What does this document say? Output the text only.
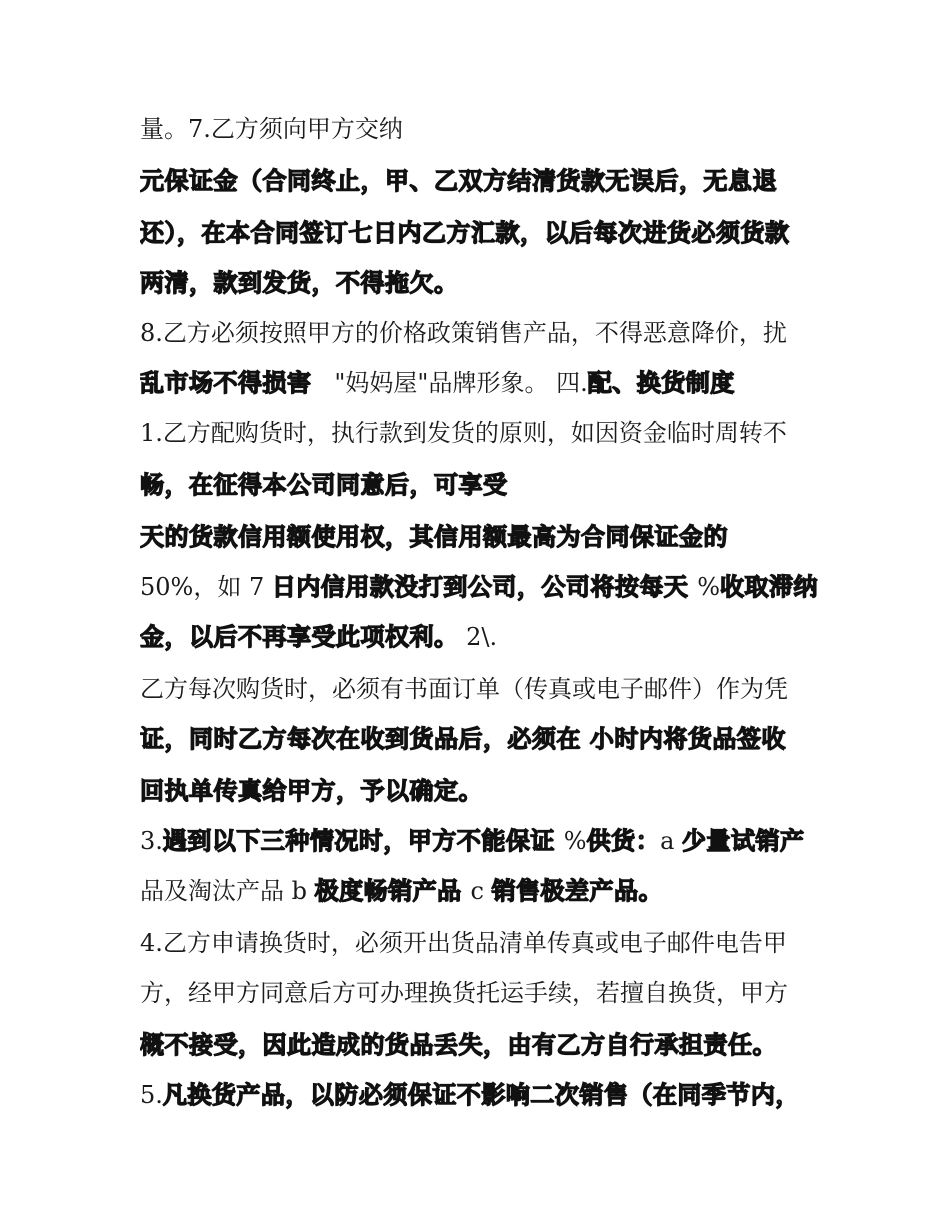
量。7.乙方须向甲方交纳
元保证金（合同终止，甲、乙双方结清货款无误后，无息退
还），在本合同签订七日内乙方汇款，以后每次进货必须货款
两清，款到发货，不得拖欠。
8.乙方必须按照甲方的价格政策销售产品，不得恶意降价，扰
乱市场不得损害   "妈妈屋"品牌形象。 四.配、换货制度
1.乙方配购货时，执行款到发货的原则，如因资金临时周转不
畅，在征得本公司同意后，可享受
天的货款信用额使用权，其信用额最高为合同保证金的
50%，如 7 日内信用款没打到公司，公司将按每天 %收取滞纳
金，以后不再享受此项权利。 2\.
乙方每次购货时，必须有书面订单（传真或电子邮件）作为凭
证，同时乙方每次在收到货品后，必须在 小时内将货品签收
回执单传真给甲方，予以确定。
3.遇到以下三种情况时，甲方不能保证 %供货：a 少量试销产
品及淘汰产品 b 极度畅销产品 c 销售极差产品。
4.乙方申请换货时，必须开出货品清单传真或电子邮件电告甲
方，经甲方同意后方可办理换货托运手续，若擅自换货，甲方
概不接受，因此造成的货品丢失，由有乙方自行承担责任。
5.凡换货产品，以防必须保证不影响二次销售（在同季节内，
